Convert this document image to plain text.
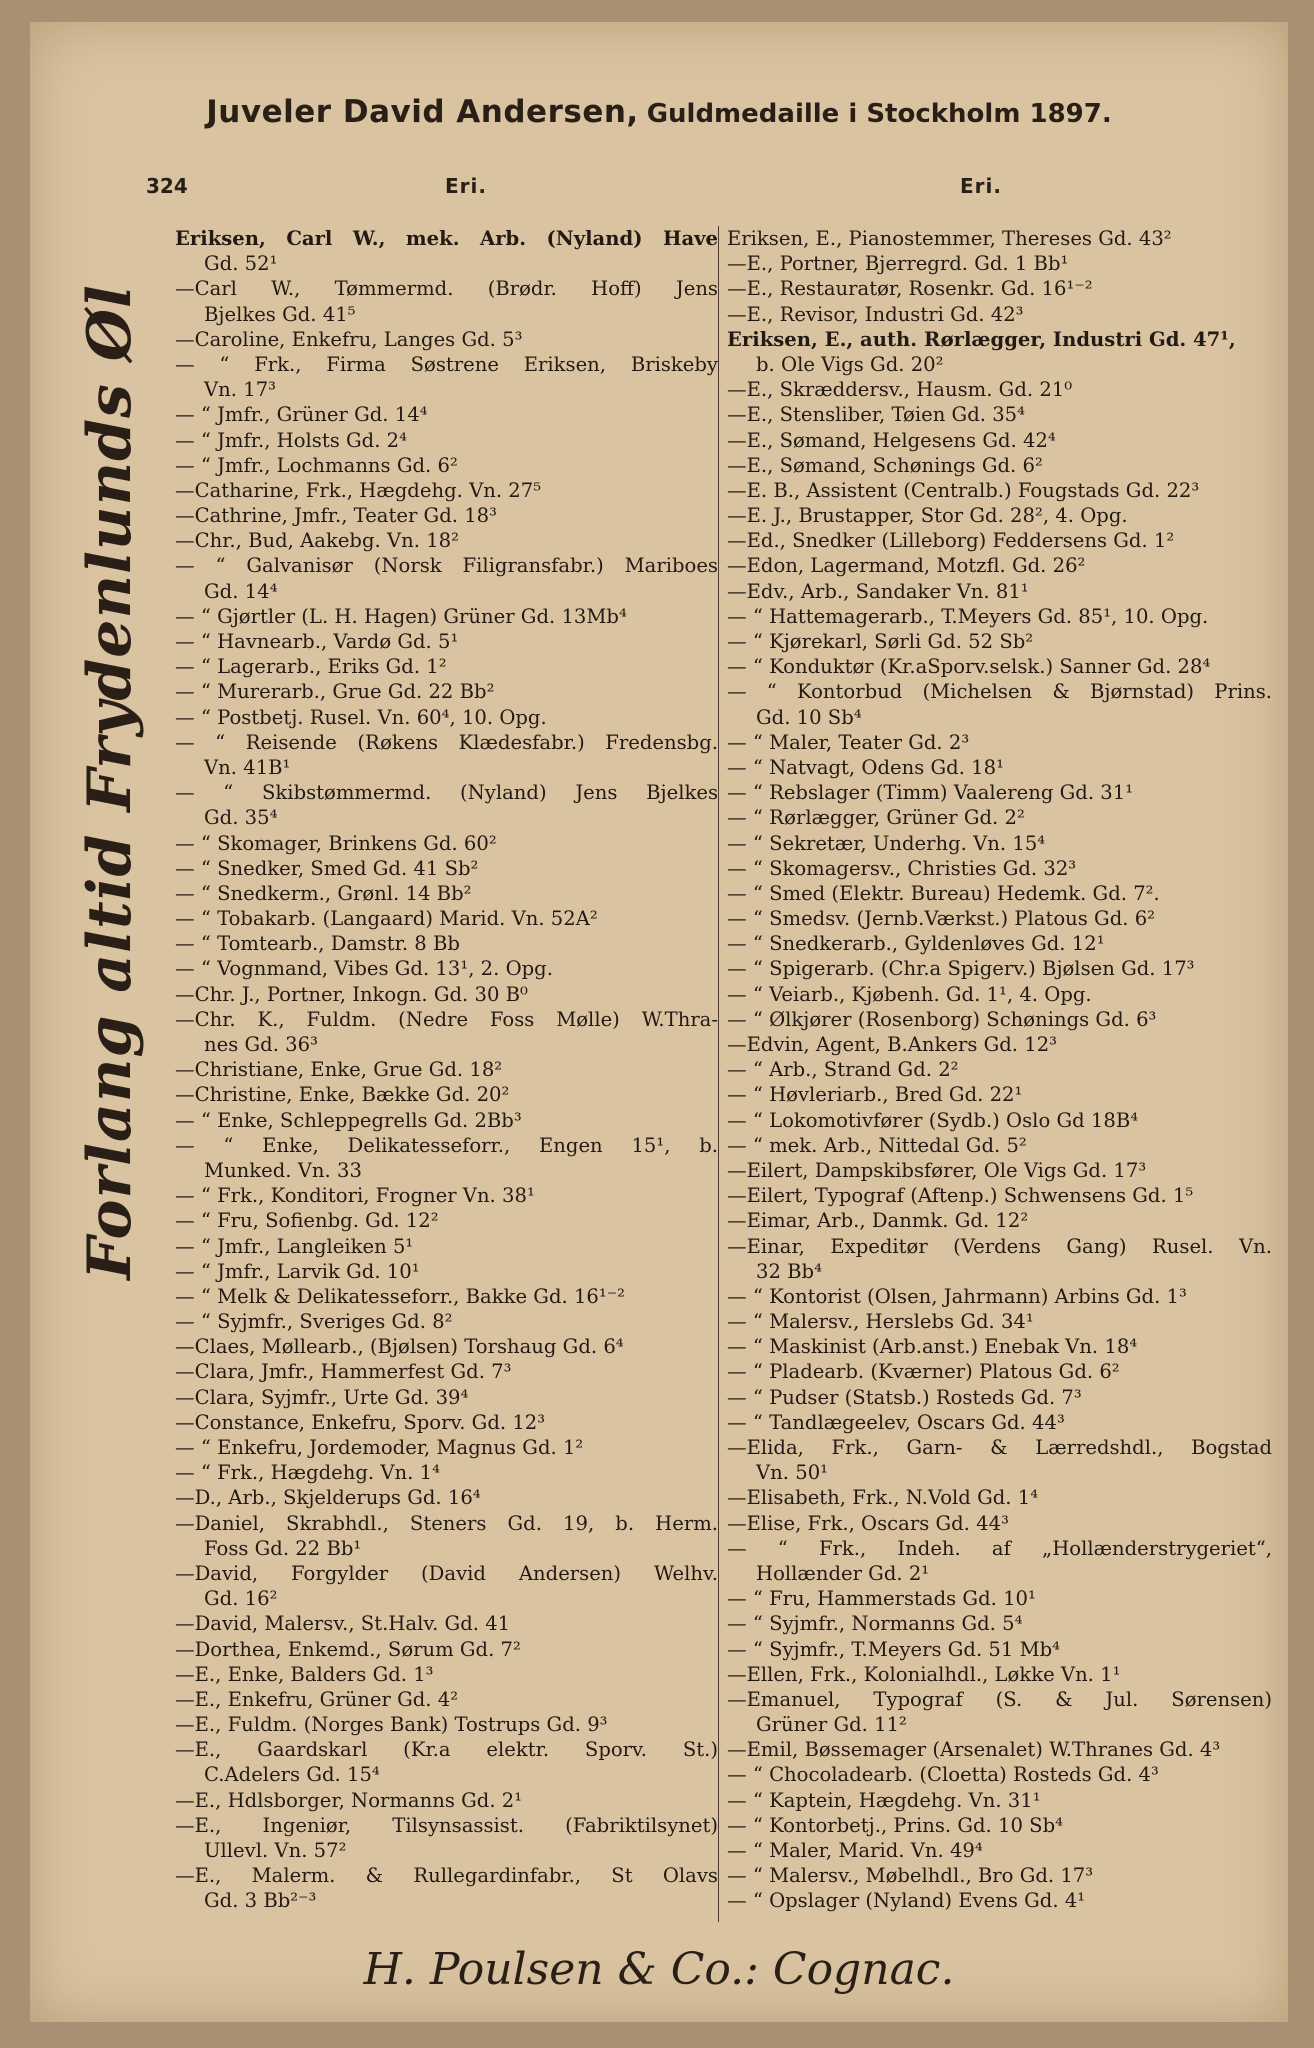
Juveler David Andersen, Guldmedaille i Stockholm 1897.
324	Eri.	Eri.
Forlang altid Frydenlunds Øl
Eriksen, Carl W., mek. Arb. (Nyland) Have
Gd. 52¹
—Carl W., Tømmermd. (Brødr. Hoff) Jens
Bjelkes Gd. 41⁵
—Caroline, Enkefru, Langes Gd. 5³
— “ Frk., Firma Søstrene Eriksen, Briskeby
Vn. 17³
— “ Jmfr., Grüner Gd. 14⁴
— “ Jmfr., Holsts Gd. 2⁴
— “ Jmfr., Lochmanns Gd. 6²
—Catharine, Frk., Hægdehg. Vn. 27⁵
—Cathrine, Jmfr., Teater Gd. 18³
—Chr., Bud, Aakebg. Vn. 18²
— “ Galvanisør (Norsk Filigransfabr.) Mariboes
Gd. 14⁴
— “ Gjørtler (L. H. Hagen) Grüner Gd. 13Mb⁴
— “ Havnearb., Vardø Gd. 5¹
— “ Lagerarb., Eriks Gd. 1²
— “ Murerarb., Grue Gd. 22 Bb²
— “ Postbetj. Rusel. Vn. 60⁴, 10. Opg.
— “ Reisende (Røkens Klædesfabr.) Fredensbg.
Vn. 41B¹
— “ Skibstømmermd. (Nyland) Jens Bjelkes
Gd. 35⁴
— “ Skomager, Brinkens Gd. 60²
— “ Snedker, Smed Gd. 41 Sb²
— “ Snedkerm., Grønl. 14 Bb²
— “ Tobakarb. (Langaard) Marid. Vn. 52A²
— “ Tomtearb., Damstr. 8 Bb
— “ Vognmand, Vibes Gd. 13¹, 2. Opg.
—Chr. J., Portner, Inkogn. Gd. 30 B⁰
—Chr. K., Fuldm. (Nedre Foss Mølle) W.Thra-
nes Gd. 36³
—Christiane, Enke, Grue Gd. 18²
—Christine, Enke, Bække Gd. 20²
— “ Enke, Schleppegrells Gd. 2Bb³
— “ Enke, Delikatesseforr., Engen 15¹, b.
Munked. Vn. 33
— “ Frk., Konditori, Frogner Vn. 38¹
— “ Fru, Sofienbg. Gd. 12²
— “ Jmfr., Langleiken 5¹
— “ Jmfr., Larvik Gd. 10¹
— “ Melk & Delikatesseforr., Bakke Gd. 16¹⁻²
— “ Syjmfr., Sveriges Gd. 8²
—Claes, Møllearb., (Bjølsen) Torshaug Gd. 6⁴
—Clara, Jmfr., Hammerfest Gd. 7³
—Clara, Syjmfr., Urte Gd. 39⁴
—Constance, Enkefru, Sporv. Gd. 12³
— “ Enkefru, Jordemoder, Magnus Gd. 1²
— “ Frk., Hægdehg. Vn. 1⁴
—D., Arb., Skjelderups Gd. 16⁴
—Daniel, Skrabhdl., Steners Gd. 19, b. Herm.
Foss Gd. 22 Bb¹
—David, Forgylder (David Andersen) Welhv.
Gd. 16²
—David, Malersv., St.Halv. Gd. 41
—Dorthea, Enkemd., Sørum Gd. 7²
—E., Enke, Balders Gd. 1³
—E., Enkefru, Grüner Gd. 4²
—E., Fuldm. (Norges Bank) Tostrups Gd. 9³
—E., Gaardskarl (Kr.a elektr. Sporv. St.)
C.Adelers Gd. 15⁴
—E., Hdlsborger, Normanns Gd. 2¹
—E., Ingeniør, Tilsynsassist. (Fabriktilsynet)
Ullevl. Vn. 57²
—E., Malerm. & Rullegardinfabr., St Olavs
Gd. 3 Bb²⁻³
Eriksen, E., Pianostemmer, Thereses Gd. 43²
—E., Portner, Bjerregrd. Gd. 1 Bb¹
—E., Restauratør, Rosenkr. Gd. 16¹⁻²
—E., Revisor, Industri Gd. 42³
Eriksen, E., auth. Rørlægger, Industri Gd. 47¹,
b. Ole Vigs Gd. 20²
—E., Skræddersv., Hausm. Gd. 21⁰
—E., Stensliber, Tøien Gd. 35⁴
—E., Sømand, Helgesens Gd. 42⁴
—E., Sømand, Schønings Gd. 6²
—E. B., Assistent (Centralb.) Fougstads Gd. 22³
—E. J., Brustapper, Stor Gd. 28², 4. Opg.
—Ed., Snedker (Lilleborg) Feddersens Gd. 1²
—Edon, Lagermand, Motzfl. Gd. 26²
—Edv., Arb., Sandaker Vn. 81¹
— “ Hattemagerarb., T.Meyers Gd. 85¹, 10. Opg.
— “ Kjørekarl, Sørli Gd. 52 Sb²
— “ Konduktør (Kr.aSporv.selsk.) Sanner Gd. 28⁴
— “ Kontorbud (Michelsen & Bjørnstad) Prins.
Gd. 10 Sb⁴
— “ Maler, Teater Gd. 2³
— “ Natvagt, Odens Gd. 18¹
— “ Rebslager (Timm) Vaalereng Gd. 31¹
— “ Rørlægger, Grüner Gd. 2²
— “ Sekretær, Underhg. Vn. 15⁴
— “ Skomagersv., Christies Gd. 32³
— “ Smed (Elektr. Bureau) Hedemk. Gd. 7².
— “ Smedsv. (Jernb.Værkst.) Platous Gd. 6²
— “ Snedkerarb., Gyldenløves Gd. 12¹
— “ Spigerarb. (Chr.a Spigerv.) Bjølsen Gd. 17³
— “ Veiarb., Kjøbenh. Gd. 1¹, 4. Opg.
— “ Ølkjører (Rosenborg) Schønings Gd. 6³
—Edvin, Agent, B.Ankers Gd. 12³
— “ Arb., Strand Gd. 2²
— “ Høvleriarb., Bred Gd. 22¹
— “ Lokomotivfører (Sydb.) Oslo Gd 18B⁴
— “ mek. Arb., Nittedal Gd. 5²
—Eilert, Dampskibsfører, Ole Vigs Gd. 17³
—Eilert, Typograf (Aftenp.) Schwensens Gd. 1⁵
—Eimar, Arb., Danmk. Gd. 12²
—Einar, Expeditør (Verdens Gang) Rusel. Vn.
32 Bb⁴
— “ Kontorist (Olsen, Jahrmann) Arbins Gd. 1³
— “ Malersv., Herslebs Gd. 34¹
— “ Maskinist (Arb.anst.) Enebak Vn. 18⁴
— “ Pladearb. (Kværner) Platous Gd. 6²
— “ Pudser (Statsb.) Rosteds Gd. 7³
— “ Tandlægeelev, Oscars Gd. 44³
—Elida, Frk., Garn- & Lærredshdl., Bogstad
Vn. 50¹
—Elisabeth, Frk., N.Vold Gd. 1⁴
—Elise, Frk., Oscars Gd. 44³
— “ Frk., Indeh. af „Hollænderstrygeriet“,
Hollænder Gd. 2¹
— “ Fru, Hammerstads Gd. 10¹
— “ Syjmfr., Normanns Gd. 5⁴
— “ Syjmfr., T.Meyers Gd. 51 Mb⁴
—Ellen, Frk., Kolonialhdl., Løkke Vn. 1¹
—Emanuel, Typograf (S. & Jul. Sørensen)
Grüner Gd. 11²
—Emil, Bøssemager (Arsenalet) W.Thranes Gd. 4³
— “ Chocoladearb. (Cloetta) Rosteds Gd. 4³
— “ Kaptein, Hægdehg. Vn. 31¹
— “ Kontorbetj., Prins. Gd. 10 Sb⁴
— “ Maler, Marid. Vn. 49⁴
— “ Malersv., Møbelhdl., Bro Gd. 17³
— “ Opslager (Nyland) Evens Gd. 4¹
H. Poulsen & Co.: Cognac.
